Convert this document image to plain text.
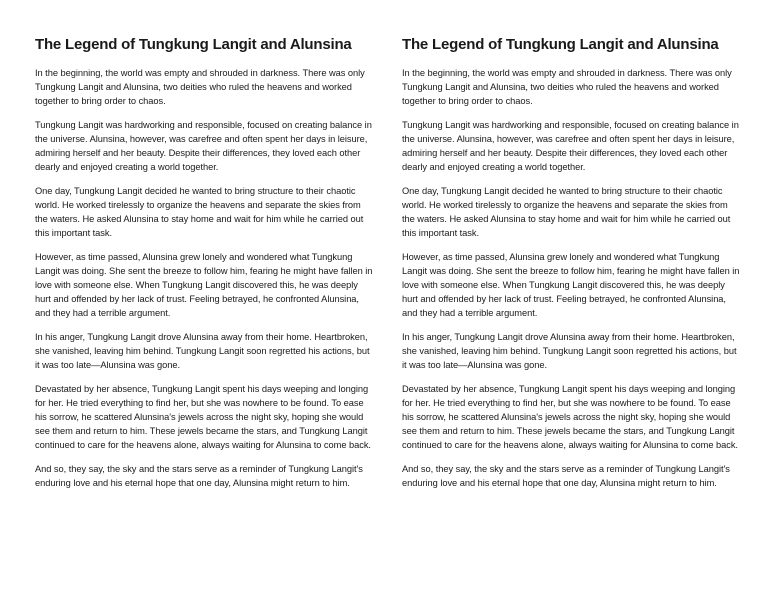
The Legend of Tungkung Langit and Alunsina

In the beginning, the world was empty and shrouded in darkness. There was only Tungkung Langit and Alunsina, two deities who ruled the heavens and worked together to bring order to chaos.

Tungkung Langit was hardworking and responsible, focused on creating balance in the universe. Alunsina, however, was carefree and often spent her days in leisure, admiring herself and her beauty. Despite their differences, they loved each other dearly and enjoyed creating a world together.

One day, Tungkung Langit decided he wanted to bring structure to their chaotic world. He worked tirelessly to organize the heavens and separate the skies from the waters. He asked Alunsina to stay home and wait for him while he carried out this important task.

However, as time passed, Alunsina grew lonely and wondered what Tungkung Langit was doing. She sent the breeze to follow him, fearing he might have fallen in love with someone else. When Tungkung Langit discovered this, he was deeply hurt and offended by her lack of trust. Feeling betrayed, he confronted Alunsina, and they had a terrible argument.

In his anger, Tungkung Langit drove Alunsina away from their home. Heartbroken, she vanished, leaving him behind. Tungkung Langit soon regretted his actions, but it was too late—Alunsina was gone.

Devastated by her absence, Tungkung Langit spent his days weeping and longing for her. He tried everything to find her, but she was nowhere to be found. To ease his sorrow, he scattered Alunsina's jewels across the night sky, hoping she would see them and return to him. These jewels became the stars, and Tungkung Langit continued to care for the heavens alone, always waiting for Alunsina to come back.

And so, they say, the sky and the stars serve as a reminder of Tungkung Langit's enduring love and his eternal hope that one day, Alunsina might return to him.

The Legend of Tungkung Langit and Alunsina

In the beginning, the world was empty and shrouded in darkness. There was only Tungkung Langit and Alunsina, two deities who ruled the heavens and worked together to bring order to chaos.

Tungkung Langit was hardworking and responsible, focused on creating balance in the universe. Alunsina, however, was carefree and often spent her days in leisure, admiring herself and her beauty. Despite their differences, they loved each other dearly and enjoyed creating a world together.

One day, Tungkung Langit decided he wanted to bring structure to their chaotic world. He worked tirelessly to organize the heavens and separate the skies from the waters. He asked Alunsina to stay home and wait for him while he carried out this important task.

However, as time passed, Alunsina grew lonely and wondered what Tungkung Langit was doing. She sent the breeze to follow him, fearing he might have fallen in love with someone else. When Tungkung Langit discovered this, he was deeply hurt and offended by her lack of trust. Feeling betrayed, he confronted Alunsina, and they had a terrible argument.

In his anger, Tungkung Langit drove Alunsina away from their home. Heartbroken, she vanished, leaving him behind. Tungkung Langit soon regretted his actions, but it was too late—Alunsina was gone.

Devastated by her absence, Tungkung Langit spent his days weeping and longing for her. He tried everything to find her, but she was nowhere to be found. To ease his sorrow, he scattered Alunsina's jewels across the night sky, hoping she would see them and return to him. These jewels became the stars, and Tungkung Langit continued to care for the heavens alone, always waiting for Alunsina to come back.

And so, they say, the sky and the stars serve as a reminder of Tungkung Langit's enduring love and his eternal hope that one day, Alunsina might return to him.
